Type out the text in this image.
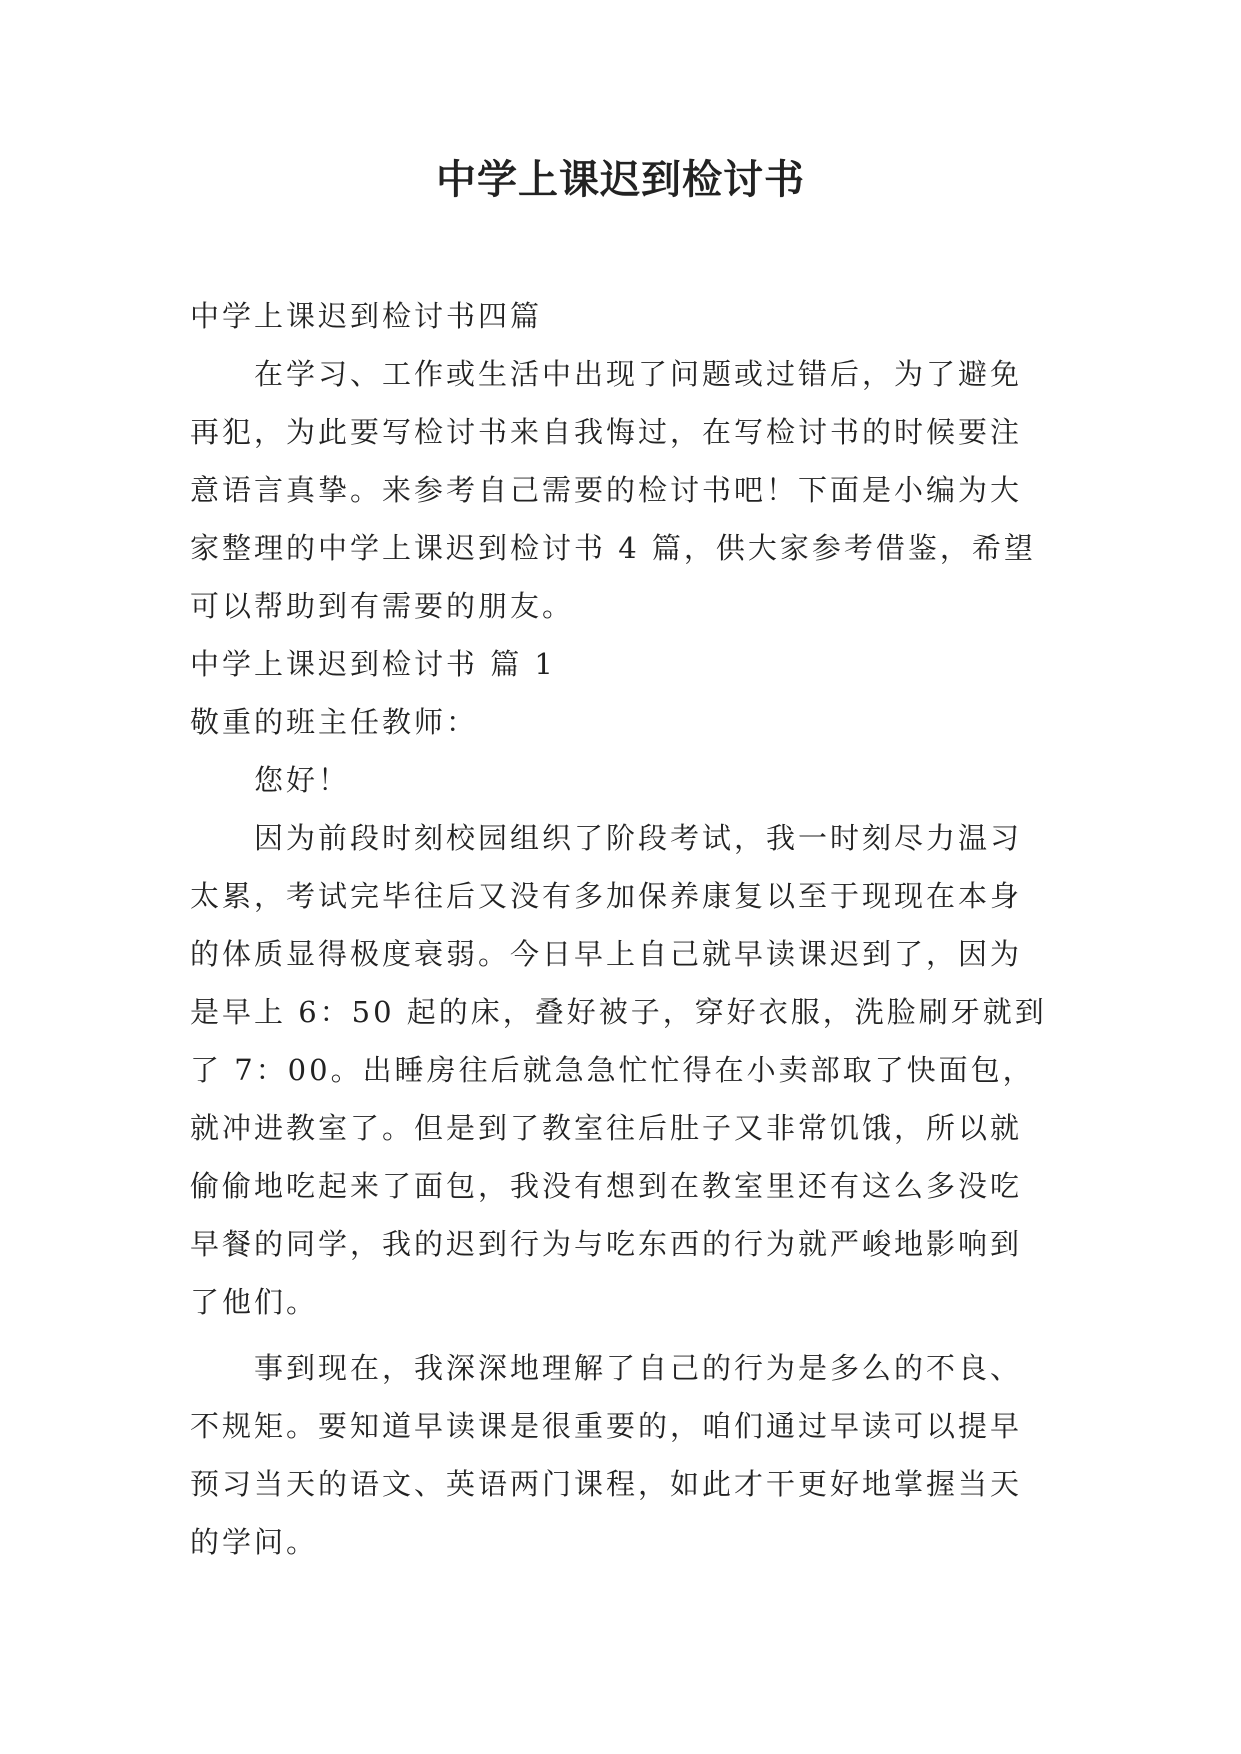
中学上课迟到检讨书
中学上课迟到检讨书四篇
在学习、工作或生活中出现了问题或过错后，为了避免
再犯，为此要写检讨书来自我悔过，在写检讨书的时候要注
意语言真挚。来参考自己需要的检讨书吧！下面是小编为大
家整理的中学上课迟到检讨书 4 篇，供大家参考借鉴，希望
可以帮助到有需要的朋友。
中学上课迟到检讨书 篇 1
敬重的班主任教师：
您好！
因为前段时刻校园组织了阶段考试，我一时刻尽力温习
太累，考试完毕往后又没有多加保养康复以至于现现在本身
的体质显得极度衰弱。今日早上自己就早读课迟到了，因为
是早上 6：50 起的床，叠好被子，穿好衣服，洗脸刷牙就到
了 7：00。出睡房往后就急急忙忙得在小卖部取了快面包，
就冲进教室了。但是到了教室往后肚子又非常饥饿，所以就
偷偷地吃起来了面包，我没有想到在教室里还有这么多没吃
早餐的同学，我的迟到行为与吃东西的行为就严峻地影响到
了他们。
事到现在，我深深地理解了自己的行为是多么的不良、
不规矩。要知道早读课是很重要的，咱们通过早读可以提早
预习当天的语文、英语两门课程，如此才干更好地掌握当天
的学问。
